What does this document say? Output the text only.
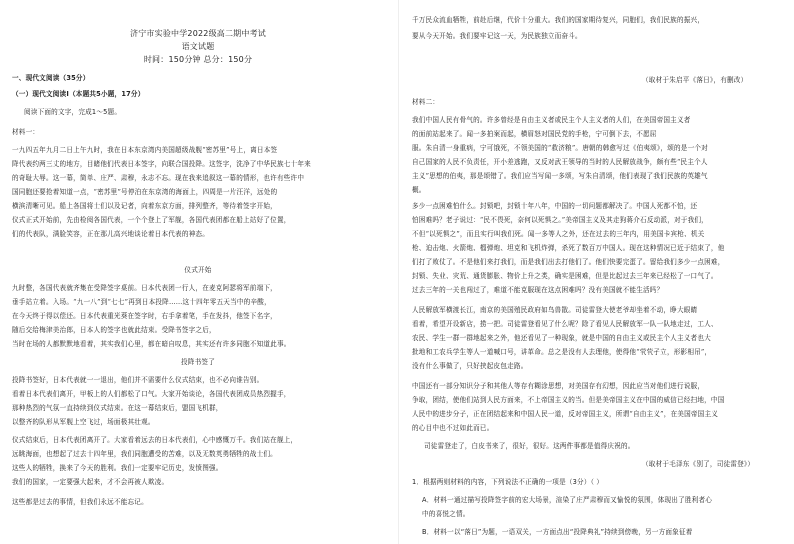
济宁市实验中学2022级高二期中考试
语文试题
时间：150分钟 总分：150分
一、现代文阅读（35分）
（一）现代文阅读Ⅰ（本题共5小题，17分）
阅读下面的文字，完成1～5题。
材料一：
一九四五年九月二日上午九时，我在日本东京湾内美国超级战舰“密苏里”号上，离日本签
降代表约两三丈的地方，目睹他们代表日本签字，向联合国投降。这签字，洗净了中华民族七十年来
的奇耻大辱。这一幕，简单、庄严、肃穆，永志不忘。现在我来追叙这一幕的情形，也许有些许中
国同胞还要抢着知道一点，“密苏里”号停泊在东京湾的海面上，四周是一片汪洋，远处的
横滨清晰可见。船上各国将士们以及记者，向着东京方面，排列整齐，等待着签字开始，
仪式正式开始前，先由检阅各国代表，一个个登上了军舰，各国代表团都在船上站好了位置，
们的代表队，满脸笑容，正在那儿高兴地谈论着日本代表的神态。
仪式开始
九时整，各国代表就齐集在受降签字桌前。日本代表团一行人，在麦克阿瑟将军前端下，
垂手站立着。入场。“九一八”到“七七”再到日本投降……这十四年零五天当中的辛酸，
在今天终于得以偿还。日本代表重光葵在签字时，右手拿着笔，手在发抖，他签下名字，
随后交给梅津美治郎，日本人的签字也就此结束。受降书签字之后，
当时在场的人都默默地看着，其实我们心里，都在暗自叹息，其实还有许多同胞不知道此事。
投降书签了
投降书签好，日本代表就一一退出，他们并不需要什么仪式结束，也不必向谁告别。
看着日本代表们离开，甲板上的人们都松了口气。大家开始谈论，各国代表团成员热烈握手，
那种热烈的气氛一直持续到仪式结束。在这一幕结束后，盟国飞机群，
以整齐的队形从军舰上空飞过，场面极其壮观。
仪式结束后，日本代表团离开了。大家看着远去的日本代表们，心中感慨万千。我们站在舰上，
远眺海面，也想起了过去十四年里，我们同胞遭受的苦难，以及无数英勇牺牲的战士们。
这些人的牺牲，换来了今天的胜利。我们一定要牢记历史，发愤图强。
我们的国家，一定要强大起来，才不会再被人欺凌。
这些都是过去的事情，但我们永远不能忘记。
千万民众流血牺牲，前赴后继，代价十分重大。我们的国家期待复兴，同胞们，我们民族的振兴，
要从今天开始。我们要牢记这一天，为民族独立而奋斗。
（取材于朱启平《落日》，有删改）
材料二：
我们中国人民有骨气的。许多曾经是自由主义者或民主个人主义者的人们，在美国帝国主义者
的面前站起来了。闻一多拍案而起，横眉怒对国民党的手枪，宁可倒下去，不愿屈
服。朱自清一身重病，宁可饿死，不领美国的“救济粮”。唐朝的韩愈写过《伯夷颂》，颂的是一个对
自己国家的人民不负责任，开小差逃跑，又反对武王领导的当时的人民解放战争，颇有些“民主个人
主义”思想的伯夷，那是颂错了。我们应当写闻一多颂，写朱自清颂，他们表现了我们民族的英雄气
概。
多少一点困难怕什么。封锁吧，封锁十年八年，中国的一切问题都解决了。中国人死都不怕，还
怕困难吗？老子说过：“民不畏死，奈何以死惧之。”美帝国主义及其走狗蒋介石反动派，对于我们，
不但“以死惧之”，而且实行叫我们死。闻一多等人之外，还在过去的三年内，用美国卡宾枪、机关
枪、迫击炮、火箭炮、榴弹炮、坦克和飞机炸弹，杀死了数百万中国人。现在这种情况已近于结束了，他
们打了败仗了。不是他们来打我们，而是我们出去打他们了。他们快要完蛋了。留给我们多少一点困难，
封锁、失业、灾荒、通货膨胀、物价上升之类，确实是困难，但是比起过去三年来已经松了一口气了。
过去三年的一关也闯过了，难道不能克服现在这点困难吗？没有美国就不能生活吗？
人民解放军横渡长江，南京的美国殖民政府如鸟兽散。司徒雷登大使老爷却坐着不动，睁大眼睛
看着，希望开设新店，捞一把。司徒雷登看见了什么呢？除了看见人民解放军一队一队地走过，工人、
农民、学生一群一群地起来之外，他还看见了一种现象，就是中国的自由主义或民主个人主义者也大
批地和工农兵学生等人一道喊口号，讲革命。总之是没有人去理他，使得他“茕茕孑立，形影相吊”，
没有什么事做了，只好挟起皮包走路。
中国还有一部分知识分子和其他人等存有糊涂思想，对美国存有幻想，因此应当对他们进行说服，
争取，团结，使他们站到人民方面来，不上帝国主义的当。但是美帝国主义在中国的威信已经扫地，中国
人民中的进步分子，正在团结起来和中国人民一道，反对帝国主义，所谓“自由主义”，在美国帝国主义
的心目中也不过如此而已。
司徒雷登走了，白皮书来了，很好，很好。这两件事都是值得庆祝的。
（取材于毛泽东《别了，司徒雷登》）
1．根据两则材料的内容，下列说法不正确的一项是（3分）（ ）
A．材料一通过描写投降签字前的宏大场景，渲染了庄严肃穆而又愉悦的氛围，体现出了胜利者心
中的喜悦之情。
B．材料一以“落日”为题，一语双关，一方面点出“投降典礼”持续到傍晚，另一方面象征着
